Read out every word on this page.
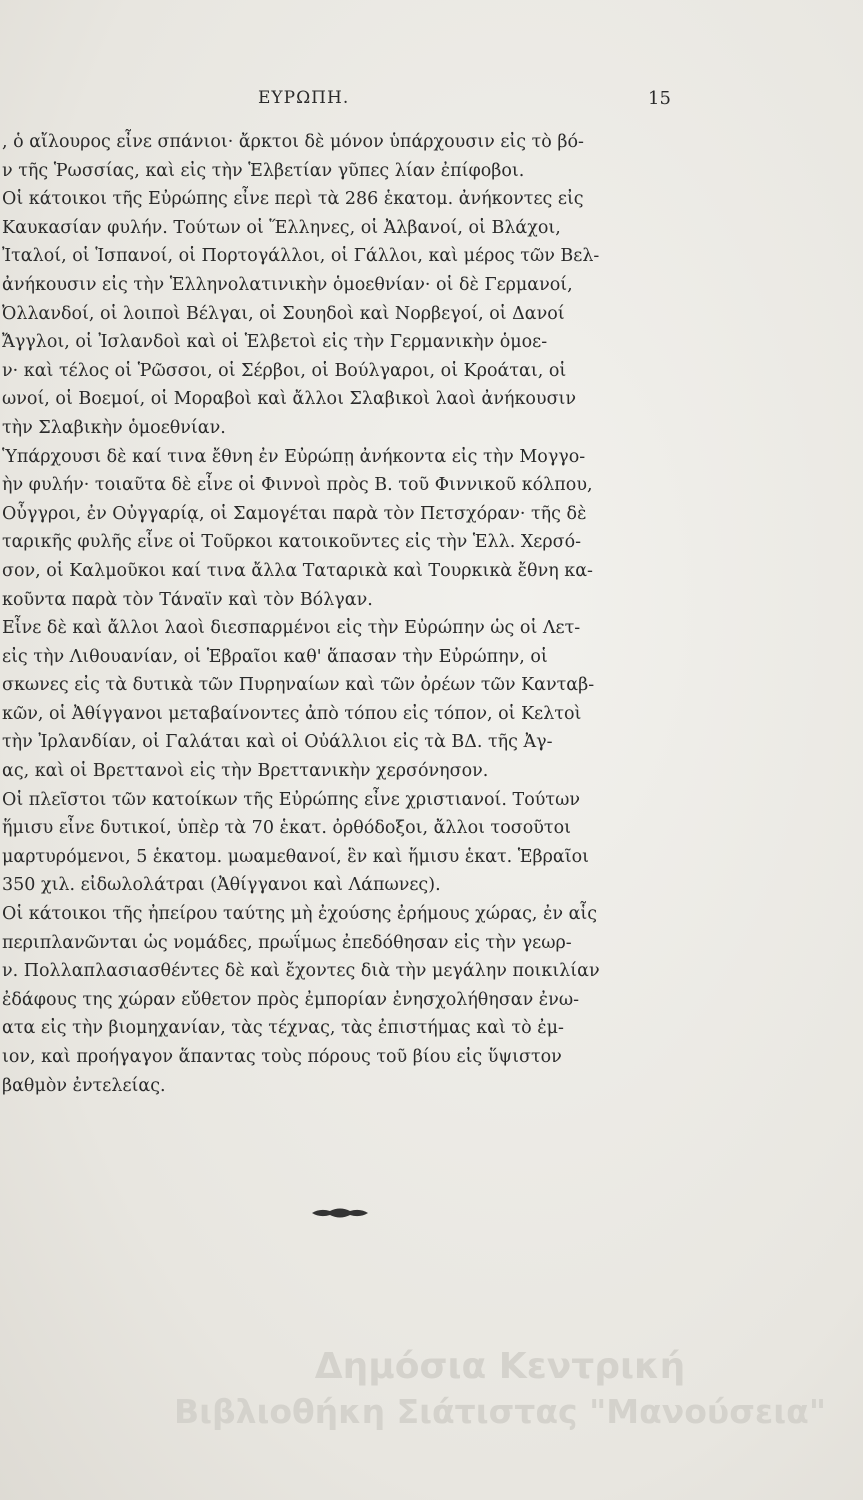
ΕΥΡΩΠΗ.	15
, ὁ αἴλουρος εἶνε σπάνιοι· ἄρκτοι δὲ μόνον ὑπάρχουσιν εἰς τὸ βό-
ν τῆς Ῥωσσίας, καὶ εἰς τὴν Ἑλβετίαν γῦπες λίαν ἐπίφοβοι.
Οἱ κάτοικοι τῆς Εὐρώπης εἶνε περὶ τὰ 286 ἑκατομ. ἀνήκοντες εἰς
Καυκασίαν φυλήν. Τούτων οἱ Ἕλληνες, οἱ Ἀλβανοί, οἱ Βλάχοι,
Ἰταλοί, οἱ Ἱσπανοί, οἱ Πορτογάλλοι, οἱ Γάλλοι, καὶ μέρος τῶν Βελ-
ἀνήκουσιν εἰς τὴν Ἑλληνολατινικὴν ὁμοεθνίαν· οἱ δὲ Γερμανοί,
Ὀλλανδοί, οἱ λοιποὶ Βέλγαι, οἱ Σουηδοὶ καὶ Νορβεγοί, οἱ Δανοί
Ἄγγλοι, οἱ Ἰσλανδοὶ καὶ οἱ Ἑλβετοὶ εἰς τὴν Γερμανικὴν ὁμοε-
ν· καὶ τέλος οἱ Ῥῶσσοι, οἱ Σέρβοι, οἱ Βούλγαροι, οἱ Κροάται, οἱ
ωνοί, οἱ Βοεμοί, οἱ Μοραβοὶ καὶ ἄλλοι Σλαβικοὶ λαοὶ ἀνήκουσιν
τὴν Σλαβικὴν ὁμοεθνίαν.
Ὑπάρχουσι δὲ καί τινα ἔθνη ἐν Εὐρώπῃ ἀνήκοντα εἰς τὴν Μογγο-
ὴν φυλήν· τοιαῦτα δὲ εἶνε οἱ Φιννοὶ πρὸς Β. τοῦ Φιννικοῦ κόλπου,
Οὖγγροι, ἐν Οὐγγαρίᾳ, οἱ Σαμογέται παρὰ τὸν Πετσχόραν· τῆς δὲ
ταρικῆς φυλῆς εἶνε οἱ Τοῦρκοι κατοικοῦντες εἰς τὴν Ἑλλ. Χερσό-
σον, οἱ Καλμοῦκοι καί τινα ἄλλα Ταταρικὰ καὶ Τουρκικὰ ἔθνη κα-
κοῦντα παρὰ τὸν Τάναϊν καὶ τὸν Βόλγαν.
Εἶνε δὲ καὶ ἄλλοι λαοὶ διεσπαρμένοι εἰς τὴν Εὐρώπην ὡς οἱ Λετ-
εἰς τὴν Λιθουανίαν, οἱ Ἑβραῖοι καθ' ἅπασαν τὴν Εὐρώπην, οἱ
σκωνες εἰς τὰ δυτικὰ τῶν Πυρηναίων καὶ τῶν ὀρέων τῶν Κανταβ-
κῶν, οἱ Ἀθίγγανοι μεταβαίνοντες ἀπὸ τόπου εἰς τόπον, οἱ Κελτοὶ
τὴν Ἰρλανδίαν, οἱ Γαλάται καὶ οἱ Οὐάλλιοι εἰς τὰ ΒΔ. τῆς Ἀγ-
ας, καὶ οἱ Βρεττανοὶ εἰς τὴν Βρεττανικὴν χερσόνησον.
Οἱ πλεῖστοι τῶν κατοίκων τῆς Εὐρώπης εἶνε χριστιανοί. Τούτων
ἥμισυ εἶνε δυτικοί, ὑπὲρ τὰ 70 ἑκατ. ὀρθόδοξοι, ἄλλοι τοσοῦτοι
μαρτυρόμενοι, 5 ἑκατομ. μωαμεθανοί, ἓν καὶ ἥμισυ ἑκατ. Ἑβραῖοι
350 χιλ. εἰδωλολάτραι (Ἀθίγγανοι καὶ Λάπωνες).
Οἱ κάτοικοι τῆς ἠπείρου ταύτης μὴ ἐχούσης ἐρήμους χώρας, ἐν αἷς
περιπλανῶνται ὡς νομάδες, πρωΐμως ἐπεδόθησαν εἰς τὴν γεωρ-
ν. Πολλαπλασιασθέντες δὲ καὶ ἔχοντες διὰ τὴν μεγάλην ποικιλίαν
ἐδάφους της χώραν εὔθετον πρὸς ἐμπορίαν ἐνησχολήθησαν ἐνω-
ατα εἰς τὴν βιομηχανίαν, τὰς τέχνας, τὰς ἐπιστήμας καὶ τὸ ἐμ-
ιον, καὶ προήγαγον ἅπαντας τοὺς πόρους τοῦ βίου εἰς ὕψιστον
βαθμὸν ἐντελείας.
Δημόσια Κεντρική
Βιβλιοθήκη Σιάτιστας "Μανούσεια"
